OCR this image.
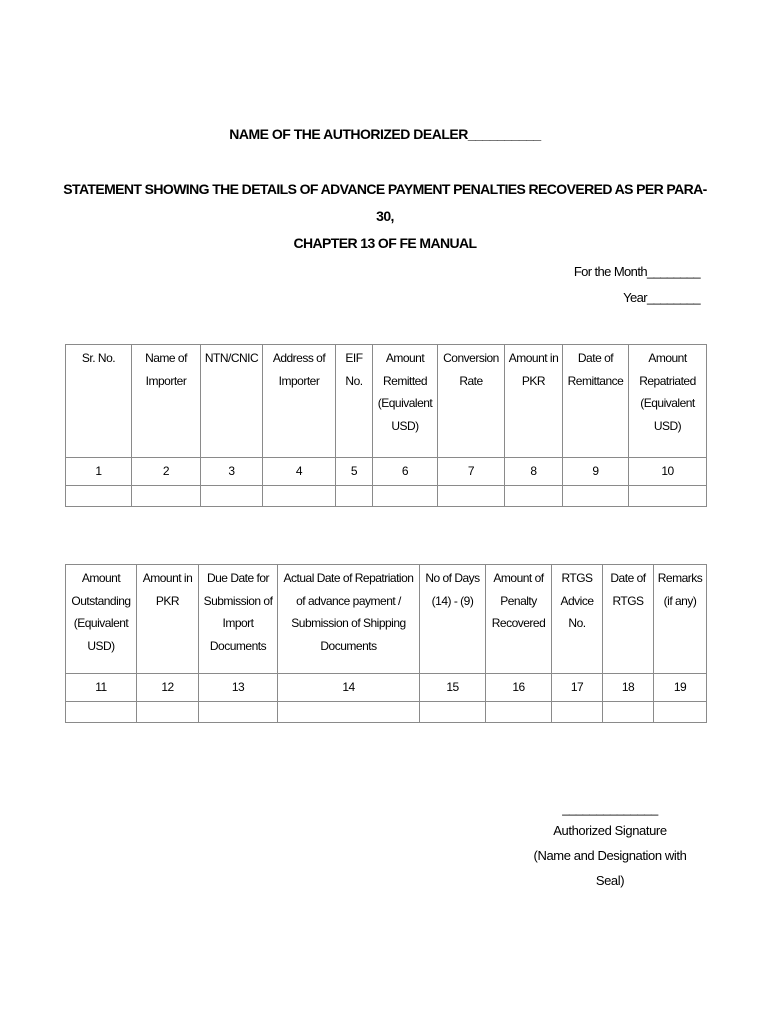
NAME OF THE AUTHORIZED DEALER__________
STATEMENT SHOWING THE DETAILS OF ADVANCE PAYMENT PENALTIES RECOVERED AS PER PARA-30,
CHAPTER 13 OF FE MANUAL
For the Month________
Year________
Sr. No.	Name of Importer	NTN/CNIC	Address of Importer	EIF No.	Amount Remitted (Equivalent USD)	Conversion Rate	Amount in PKR	Date of Remittance	Amount Repatriated (Equivalent USD)
1	2	3	4	5	6	7	8	9	10

Amount Outstanding (Equivalent USD)	Amount in PKR	Due Date for Submission of Import Documents	Actual Date of Repatriation of advance payment / Submission of Shipping Documents	No of Days (14) - (9)	Amount of Penalty Recovered	RTGS Advice No.	Date of RTGS	Remarks (if any)
11	12	13	14	15	16	17	18	19

______________
Authorized Signature
(Name and Designation with Seal)
